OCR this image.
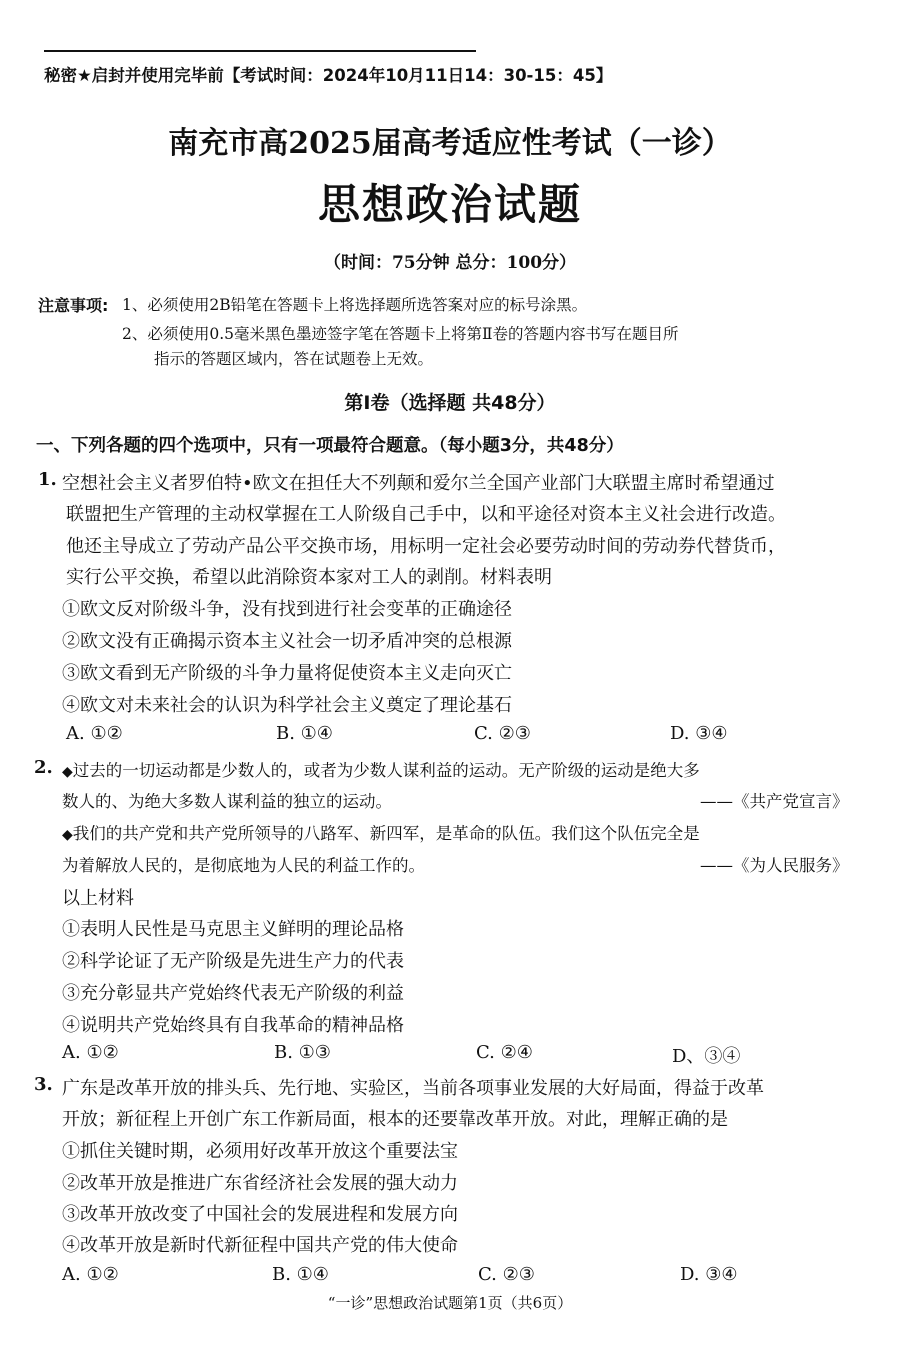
秘密★启封并使用完毕前【考试时间：2024年10月11日14：30-15：45】
南充市高2025届高考适应性考试（一诊）
思想政治试题
（时间：75分钟 总分：100分）
注意事项: 1、必须使用2B铅笔在答题卡上将选择题所选答案对应的标号涂黑。
2、必须使用0.5毫米黑色墨迹签字笔在答题卡上将第Ⅱ卷的答题内容书写在题目所
指示的答题区域内，答在试题卷上无效。
第Ⅰ卷（选择题 共48分）
一、下列各题的四个选项中，只有一项最符合题意。（每小题3分，共48分）
1. 空想社会主义者罗伯特•欧文在担任大不列颠和爱尔兰全国产业部门大联盟主席时希望通过
联盟把生产管理的主动权掌握在工人阶级自己手中，以和平途径对资本主义社会进行改造。
他还主导成立了劳动产品公平交换市场，用标明一定社会必要劳动时间的劳动券代替货币，
实行公平交换，希望以此消除资本家对工人的剥削。材料表明
①欧文反对阶级斗争，没有找到进行社会变革的正确途径
②欧文没有正确揭示资本主义社会一切矛盾冲突的总根源
③欧文看到无产阶级的斗争力量将促使资本主义走向灭亡
④欧文对未来社会的认识为科学社会主义奠定了理论基石
A. ①②	B. ①④	C. ②③	D. ③④
2. ◆过去的一切运动都是少数人的，或者为少数人谋利益的运动。无产阶级的运动是绝大多
数人的、为绝大多数人谋利益的独立的运动。	——《共产党宣言》
◆我们的共产党和共产党所领导的八路军、新四军，是革命的队伍。我们这个队伍完全是
为着解放人民的，是彻底地为人民的利益工作的。	——《为人民服务》
以上材料
①表明人民性是马克思主义鲜明的理论品格
②科学论证了无产阶级是先进生产力的代表
③充分彰显共产党始终代表无产阶级的利益
④说明共产党始终具有自我革命的精神品格
A. ①②	B. ①③	C. ②④	D、③④
3. 广东是改革开放的排头兵、先行地、实验区，当前各项事业发展的大好局面，得益于改革
开放；新征程上开创广东工作新局面，根本的还要靠改革开放。对此，理解正确的是
①抓住关键时期，必须用好改革开放这个重要法宝
②改革开放是推进广东省经济社会发展的强大动力
③改革开放改变了中国社会的发展进程和发展方向
④改革开放是新时代新征程中国共产党的伟大使命
A. ①②	B. ①④	C. ②③	D. ③④
“一诊”思想政治试题第1页（共6页）
